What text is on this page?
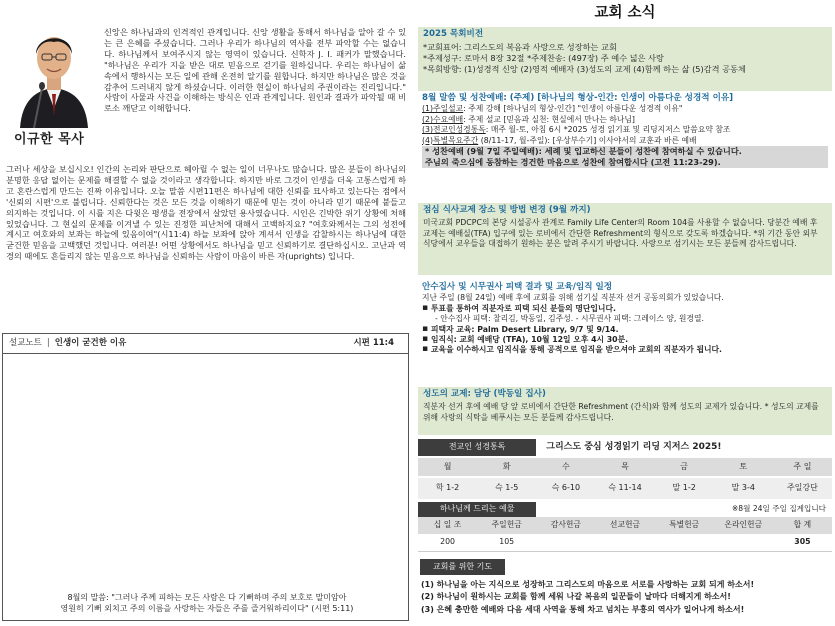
이규한 목사

신앙은 하나님과의 인격적인 관계입니다. 신앙 생활을 통해서 하나님을 알아 갈 수 있는 큰 은혜를 주셨습니다. 그러나 우리가 하나님의 역사를 전부 파악할 수는 없습니다. 하나님께서 보여주시지 않는 영역이 있습니다. 신학자 J. I. 패커가 말했습니다. "하나님은 우리가 지을 받은 대로 믿음으로 걷기를 원하십니다. 우리는 하나님이 삶 속에서 행하시는 모든 일에 관해 온전히 알기를 원합니다. 하지만 하나님은 많은 것을 감추어 드러내지 않게 하셨습니다. 이러한 현실이 하나님의 주권이라는 진리입니다." 사람이 사물과 사건을 이해하는 방식은 인과 관계입니다. 원인과 결과가 파악될 때 비로소 깨닫고 이해합니다.

그러나 세상을 보십시오! 인간의 논리와 판단으로 헤아릴 수 없는 일이 너무나도 많습니다. 많은 분들이 하나님의 분명한 응답 없이는 문제를 해결할 수 없을 것이라고 생각합니다. 하지만 바로 그것이 인생을 더욱 고통스럽게 하고 혼란스럽게 만드는 진짜 이유입니다. 오늘 말씀 시편11편은 하나님에 대한 신뢰를 묘사하고 있는다는 점에서 '신뢰의 시편'으로 불립니다. 신뢰한다는 것은 모든 것을 이해하기 때문에 믿는 것이 아니라 믿기 때문에 붙들고 의지하는 것입니다. 이 시를 지은 다윗은 평생을 전장에서 살았던 용사였습니다. 시인은 긴박한 위기 상황에 처해있었습니다. 그 현실의 문제를 이겨낼 수 있는 진정한 피난처에 대해서 고백하지요? "여호와께서는 그의 성전에 계시고 여호와의 보좌는 하늘에 있음이여"(시11:4) 하늘 보좌에 앉아 계셔서 인생을 감찰하시는 하나님에 대한 굳건한 믿음을 고백했던 것입니다. 여러분! 어떤 상황에서도 하나님을 믿고 신뢰하기로 결단하십시오. 고난과 역경의 때에도 흔들리지 않는 믿음으로 하나님을 신뢰하는 사람이 마음이 바른 자(uprights) 입니다.

설교노트 | 인생이 굳건한 이유	시편 11:4
8월의 말씀: "그러나 주께 피하는 모든 사람은 다 기뻐하며 주의 보호로 말미암아
영원히 기뻐 외치고 주의 이름을 사랑하는 자들은 주를 즐거워하리이다" (시편 5:11)
교회 소식
2025 목회비전
*교회표어: 그리스도의 복음과 사랑으로 성장하는 교회
*주제성구: 로마서 8장 32절 *주제찬송: (497장) 주 예수 넓은 사랑
*목회방향: (1)성경적 신앙 (2)영적 예배자 (3)성도의 교제 (4)함께 하는 삶 (5)감격 공동체
8월 말씀 및 성찬예배: (주제) [하나님의 형상-인간: 인생이 아름다운 성경적 이유]
(1)주일설교: 주제 강해 [하나님의 형상-인간] "인생이 아름다운 성경적 이유"
(2)수요예배: 주제 설교 [믿음과 실천: 현실에서 만나는 하나님]
(3)전교인성경통독: 매주 월-토, 아침 6시 *2025 성경 읽기표 및 리딩지저스 말씀요약 참조
(4)특별목요주간 (8/11-17, 월-주일): [우상부수기] 이사야서의 교훈과 바른 예배
* 성찬예배 (9월 7일 주일예배): 세례 및 입교하신 분들이 성찬에 참여하실 수 있습니다.
주님의 죽으심에 동참하는 경건한 마음으로 성찬에 참여합시다 (고전 11:23-29).
점심 식사교제 장소 및 방법 변경 (9월 까지)
미국교회 PDCPC의 본당 시설공사 관계로 Family Life Center의 Room 104를 사용할 수 없습니다. 당분간 예배 후 교제는 예배실(TFA) 입구에 있는 로비에서 간단한 Refreshment의 형식으로 갖도록 하겠습니다. *위 기간 동안 외부 식당에서 교우들을 대접하기 원하는 분은 알려 주시기 바랍니다. 사랑으로 섬기시는 모든 분들께 감사드립니다.
안수집사 및 시무권사 피택 결과 및 교육/임직 일정
지난 주일 (8월 24일) 예배 후에 교회를 위해 섬기실 직분자 선거 공동의회가 있었습니다.
▪ 투표를 통하여 직분자로 피택 되신 분들의 명단입니다.
- 안수집사 피택: 찰리김, 박동일, 김주성. - 시무권사 피택: 그레이스 양, 원경열.
▪ 피택자 교육: Palm Desert Library, 9/7 및 9/14.
▪ 임직식: 교회 예배당 (TFA), 10월 12일 오후 4시 30분.
▪ 교육을 이수하시고 임직식을 통해 공적으로 임직을 받으셔야 교회의 직분자가 됩니다.
성도의 교제: 담당 (박동일 집사)
직분자 선거 후에 예배 당 앞 로비에서 간단한 Refreshment (간식)와 함께 성도의 교제가 있습니다. * 성도의 교제를 위해 사랑의 식탁을 베푸시는 모든 분들께 감사드립니다.
전교인 성경통독		그리스도 중심 성경읽기 리딩 지저스 2025!				
월	화	수	목	금	토	주 일
학 1-2	슥 1-5	슥 6-10	슥 11-14	말 1-2	말 3-4	주일강단
하나님께 드리는 예물		※8월 24일 주일 집계입니다				
십 일 조	주일헌금	감사헌금	선교헌금	특별헌금	온라인헌금	합 계
200	105					305
교회를 위한 기도
(1) 하나님을 아는 지식으로 성장하고 그리스도의 마음으로 서로를 사랑하는 교회 되게 하소서!
(2) 하나님이 원하시는 교회를 함께 세워 나갈 복음의 일꾼들이 날마다 더해지게 하소서!
(3) 은혜 충만한 예배와 다음 세대 사역을 통해 차고 넘치는 부흥의 역사가 일어나게 하소서!
